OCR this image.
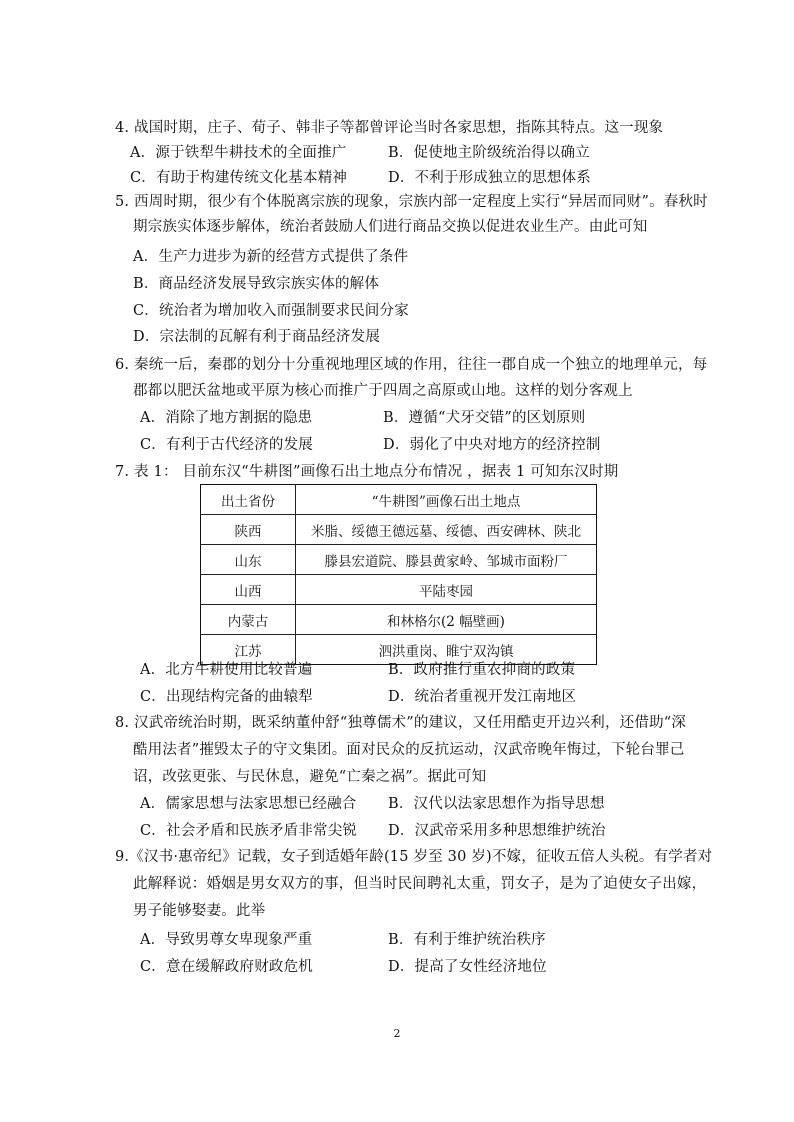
4. 战国时期，庄子、荀子、韩非子等都曾评论当时各家思想，指陈其特点。这一现象
A．源于铁犁牛耕技术的全面推广	B．促使地主阶级统治得以确立
C．有助于构建传统文化基本精神	D．不利于形成独立的思想体系
5. 西周时期，很少有个体脱离宗族的现象，宗族内部一定程度上实行“异居而同财”。春秋时
期宗族实体逐步解体，统治者鼓励人们进行商品交换以促进农业生产。由此可知
A．生产力进步为新的经营方式提供了条件
B．商品经济发展导致宗族实体的解体
C．统治者为增加收入而强制要求民间分家
D．宗法制的瓦解有利于商品经济发展
6. 秦统一后，秦郡的划分十分重视地理区域的作用，往往一郡自成一个独立的地理单元，每
郡都以肥沃盆地或平原为核心而推广于四周之高原或山地。这样的划分客观上
A．消除了地方割据的隐患	B．遵循“犬牙交错”的区划原则
C．有利于古代经济的发展	D．弱化了中央对地方的经济控制
7. 表 1： 目前东汉“牛耕图”画像石出土地点分布情况 ，据表 1 可知东汉时期
出土省份	“牛耕图”画像石出土地点
陕西	米脂、绥德王德远墓、绥德、西安碑林、陕北
山东	滕县宏道院、滕县黄家岭、邹城市面粉厂
山西	平陆枣园
内蒙古	和林格尔(2 幅壁画)
江苏	泗洪重岗、睢宁双沟镇
A．北方牛耕使用比较普遍	B．政府推行重农抑商的政策
C．出现结构完备的曲辕犁	D．统治者重视开发江南地区
8. 汉武帝统治时期，既采纳董仲舒“独尊儒术”的建议，又任用酷吏开边兴利，还借助“深
酷用法者”摧毁太子的守文集团。面对民众的反抗运动，汉武帝晚年悔过，下轮台罪己
诏，改弦更张、与民休息，避免“亡秦之祸”。据此可知
A．儒家思想与法家思想已经融合 B．汉代以法家思想作为指导思想
C．社会矛盾和民族矛盾非常尖锐 D．汉武帝采用多种思想维护统治
9.《汉书·惠帝纪》记载，女子到适婚年龄(15 岁至 30 岁)不嫁，征收五倍人头税。有学者对
此解释说：婚姻是男女双方的事，但当时民间聘礼太重，罚女子，是为了迫使女子出嫁，
男子能够娶妻。此举
A．导致男尊女卑现象严重	B．有利于维护统治秩序
C．意在缓解政府财政危机	D．提高了女性经济地位
2
